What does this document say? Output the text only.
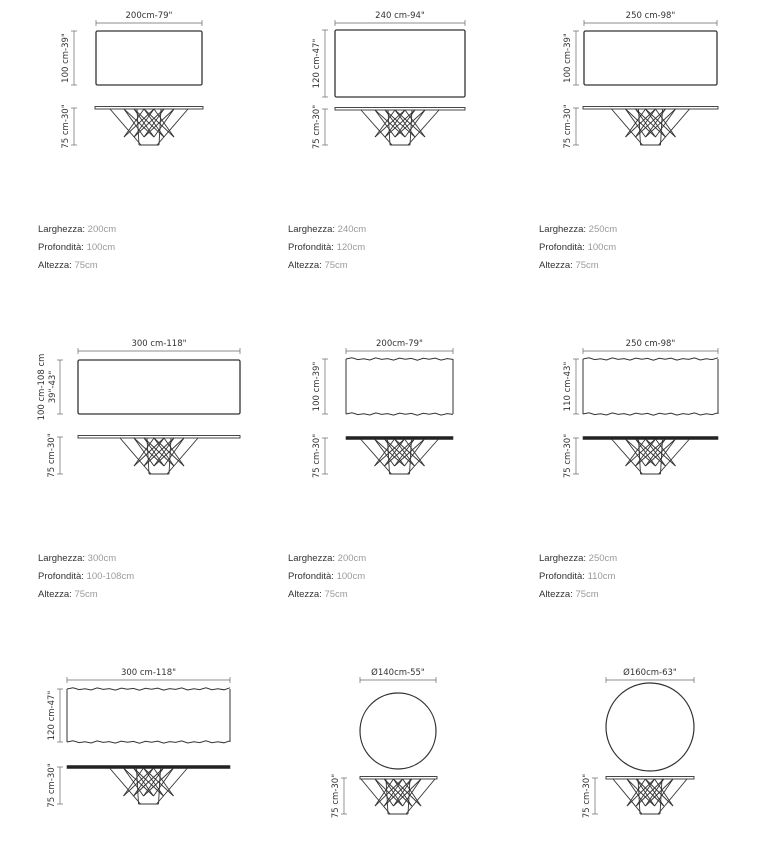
200cm-79"
100 cm-39"
75 cm-30"
240 cm-94"
120 cm-47"
75 cm-30"
250 cm-98"
100 cm-39"
75 cm-30"
300 cm-118"
100 cm-108 cm 39"-43"
75 cm-30"
200cm-79"
100 cm-39"
75 cm-30"
250 cm-98"
110 cm-43"
75 cm-30"
300 cm-118"
120 cm-47"
75 cm-30"
Ø140cm-55"
75 cm-30"
Ø160cm-63"
75 cm-30"
Larghezza: 200cm
Profondità: 100cm
Altezza: 75cm
Larghezza: 240cm
Profondità: 120cm
Altezza: 75cm
Larghezza: 250cm
Profondità: 100cm
Altezza: 75cm
Larghezza: 300cm
Profondità: 100-108cm
Altezza: 75cm
Larghezza: 200cm
Profondità: 100cm
Altezza: 75cm
Larghezza: 250cm
Profondità: 110cm
Altezza: 75cm
